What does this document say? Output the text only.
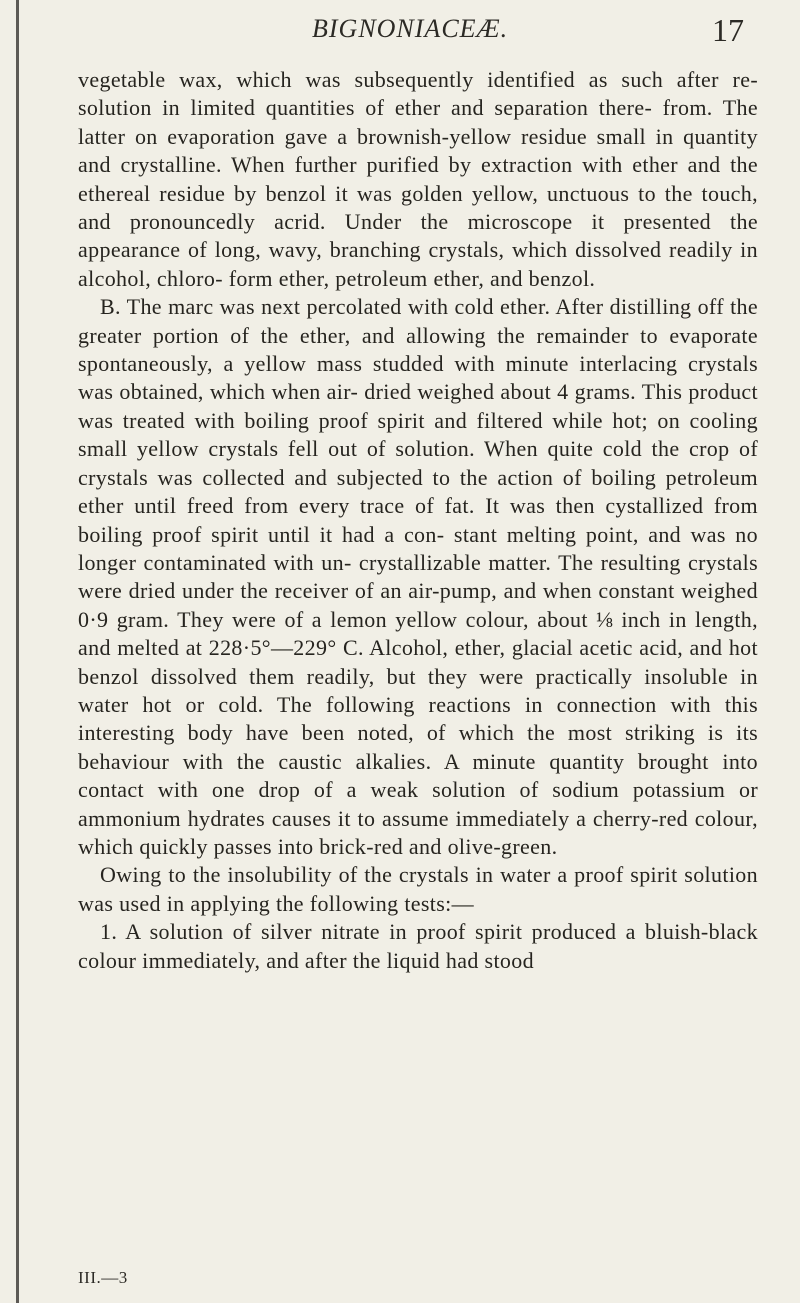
BIGNONIACEÆ.	17

vegetable wax, which was subsequently identified as such after re-solution in limited quantities of ether and separation there- from. The latter on evaporation gave a brownish-yellow residue small in quantity and crystalline. When further purified by extraction with ether and the ethereal residue by benzol it was golden yellow, unctuous to the touch, and pronouncedly acrid. Under the microscope it presented the appearance of long, wavy, branching crystals, which dissolved readily in alcohol, chloro- form ether, petroleum ether, and benzol.

B. The marc was next percolated with cold ether. After distilling off the greater portion of the ether, and allowing the remainder to evaporate spontaneously, a yellow mass studded with minute interlacing crystals was obtained, which when air- dried weighed about 4 grams. This product was treated with boiling proof spirit and filtered while hot; on cooling small yellow crystals fell out of solution. When quite cold the crop of crystals was collected and subjected to the action of boiling petroleum ether until freed from every trace of fat. It was then cystallized from boiling proof spirit until it had a con- stant melting point, and was no longer contaminated with un- crystallizable matter. The resulting crystals were dried under the receiver of an air-pump, and when constant weighed 0·9 gram. They were of a lemon yellow colour, about ⅛ inch in length, and melted at 228·5°—229° C. Alcohol, ether, glacial acetic acid, and hot benzol dissolved them readily, but they were practically insoluble in water hot or cold. The following reactions in connection with this interesting body have been noted, of which the most striking is its behaviour with the caustic alkalies. A minute quantity brought into contact with one drop of a weak solution of sodium potassium or ammonium hydrates causes it to assume immediately a cherry-red colour, which quickly passes into brick-red and olive-green.

Owing to the insolubility of the crystals in water a proof spirit solution was used in applying the following tests:—

1. A solution of silver nitrate in proof spirit produced a bluish-black colour immediately, and after the liquid had stood

III.—3
